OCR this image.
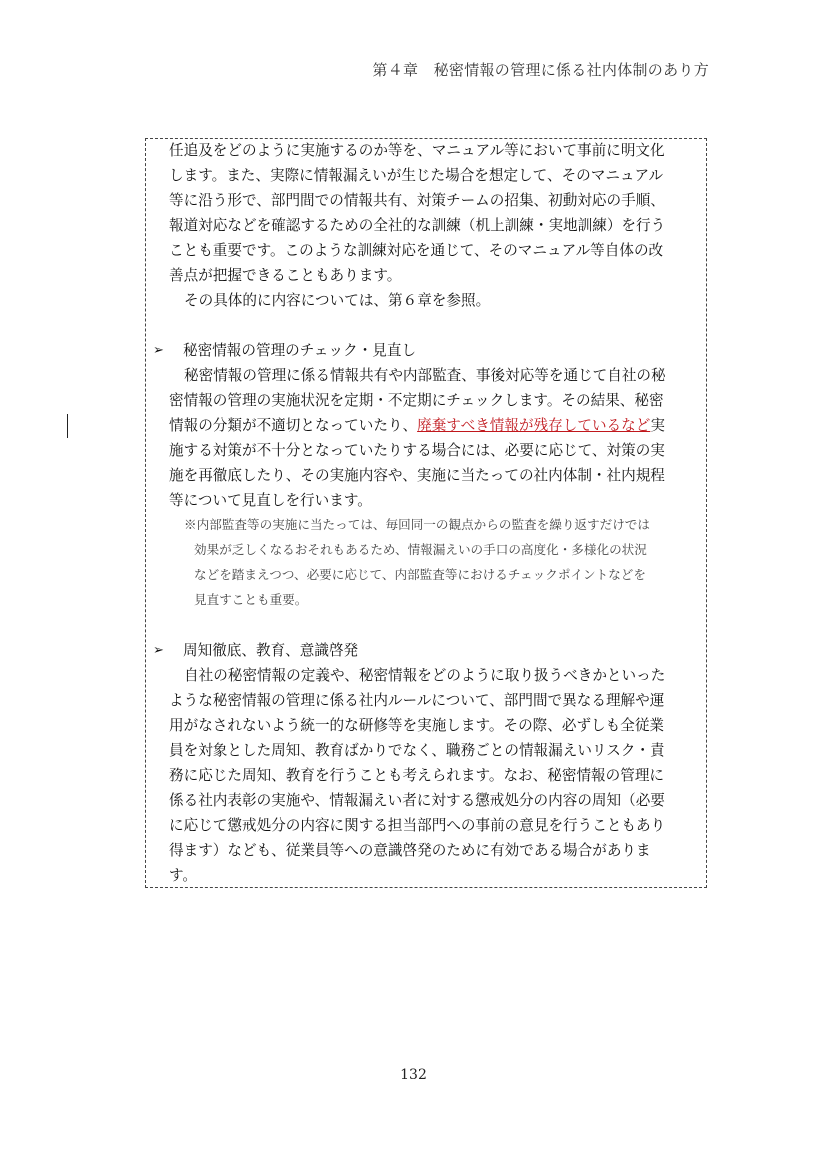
第４章　秘密情報の管理に係る社内体制のあり方
任追及をどのように実施するのか等を、マニュアル等において事前に明文化
します。また、実際に情報漏えいが生じた場合を想定して、そのマニュアル
等に沿う形で、部門間での情報共有、対策チームの招集、初動対応の手順、
報道対応などを確認するための全社的な訓練（机上訓練・実地訓練）を行う
ことも重要です。このような訓練対応を通じて、そのマニュアル等自体の改
善点が把握できることもあります。
その具体的に内容については、第６章を参照。
➢ 秘密情報の管理のチェック・見直し
秘密情報の管理に係る情報共有や内部監査、事後対応等を通じて自社の秘
密情報の管理の実施状況を定期・不定期にチェックします。その結果、秘密
情報の分類が不適切となっていたり、廃棄すべき情報が残存しているなど実
施する対策が不十分となっていたりする場合には、必要に応じて、対策の実
施を再徹底したり、その実施内容や、実施に当たっての社内体制・社内規程
等について見直しを行います。
※内部監査等の実施に当たっては、毎回同一の観点からの監査を繰り返すだけでは
効果が乏しくなるおそれもあるため、情報漏えいの手口の高度化・多様化の状況
などを踏まえつつ、必要に応じて、内部監査等におけるチェックポイントなどを
見直すことも重要。
➢ 周知徹底、教育、意識啓発
自社の秘密情報の定義や、秘密情報をどのように取り扱うべきかといった
ような秘密情報の管理に係る社内ルールについて、部門間で異なる理解や運
用がなされないよう統一的な研修等を実施します。その際、必ずしも全従業
員を対象とした周知、教育ばかりでなく、職務ごとの情報漏えいリスク・責
務に応じた周知、教育を行うことも考えられます。なお、秘密情報の管理に
係る社内表彰の実施や、情報漏えい者に対する懲戒処分の内容の周知（必要
に応じて懲戒処分の内容に関する担当部門への事前の意見を行うこともあり
得ます）なども、従業員等への意識啓発のために有効である場合がありま
す。
132
